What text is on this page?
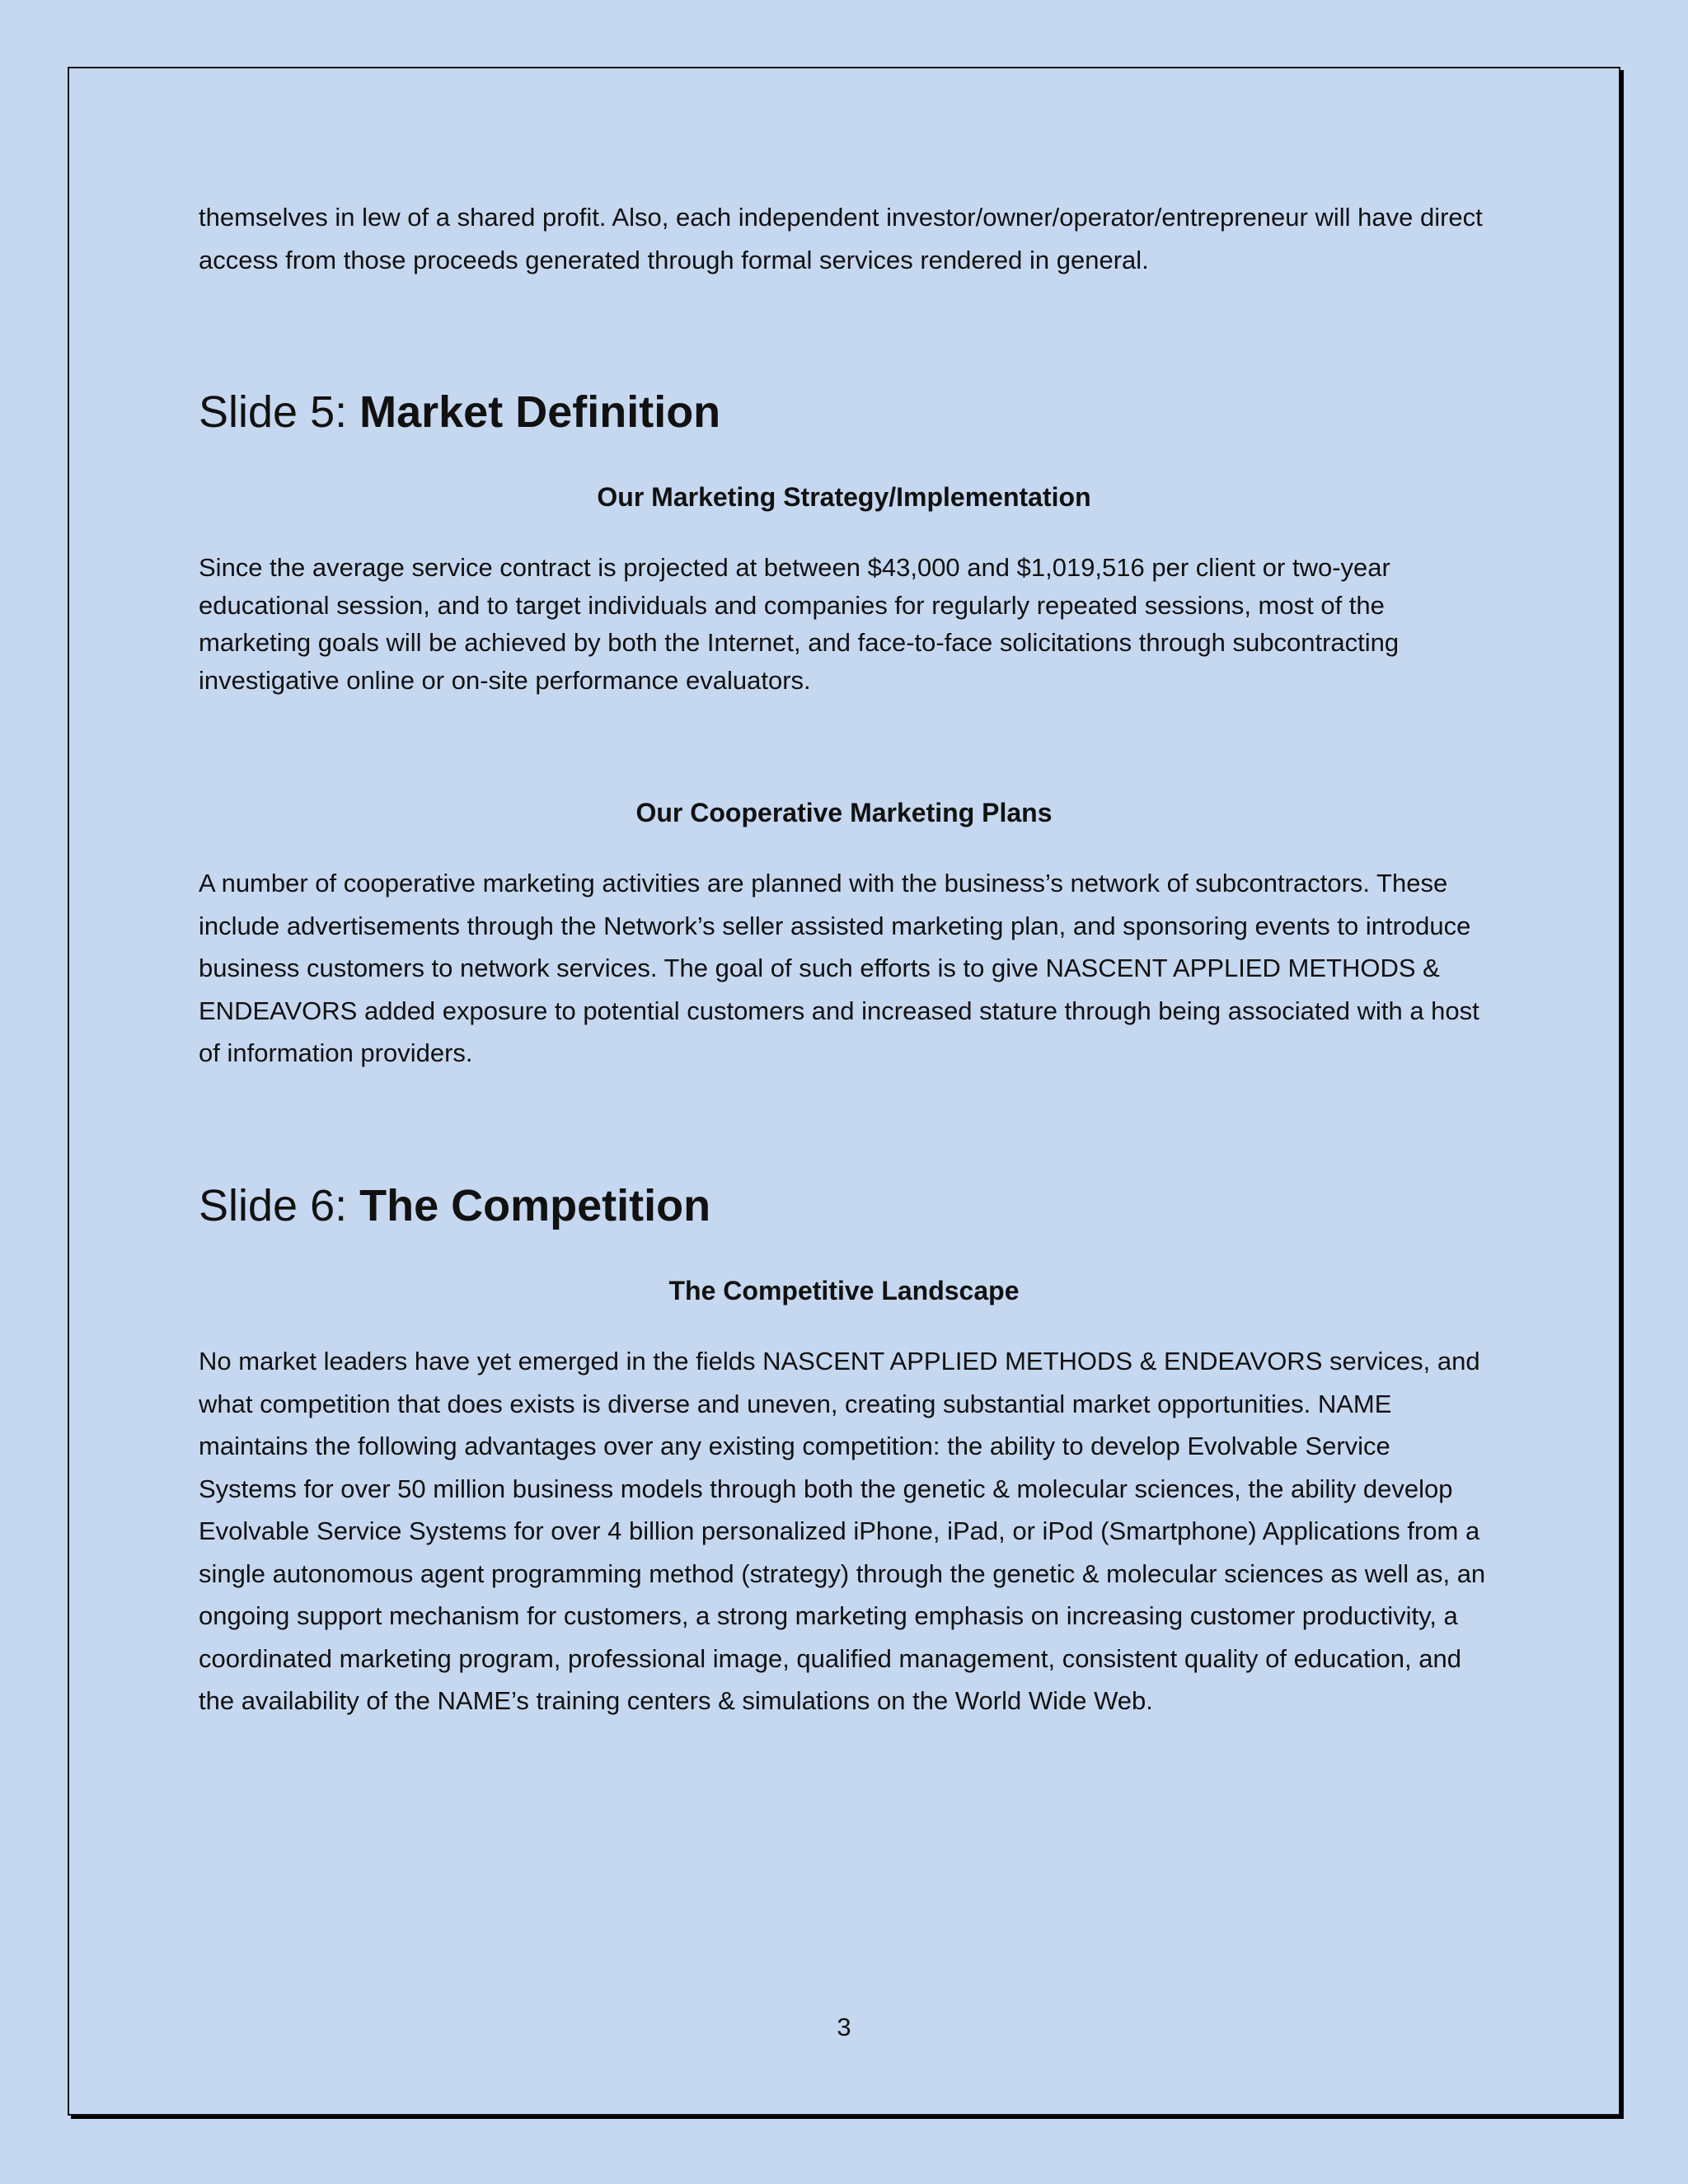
themselves in lew of a shared profit. Also, each independent investor/owner/operator/entrepreneur will have direct access from those proceeds generated through formal services rendered in general.

Slide 5: Market Definition
Our Marketing Strategy/Implementation

Since the average service contract is projected at between $43,000 and $1,019,516 per client or two-year educational session, and to target individuals and companies for regularly repeated sessions, most of the marketing goals will be achieved by both the Internet, and face-to-face solicitations through subcontracting investigative online or on-site performance evaluators.

Our Cooperative Marketing Plans

A number of cooperative marketing activities are planned with the business’s network of subcontractors. These include advertisements through the Network’s seller assisted marketing plan, and sponsoring events to introduce business customers to network services. The goal of such efforts is to give NASCENT APPLIED METHODS & ENDEAVORS added exposure to potential customers and increased stature through being associated with a host of information providers.

Slide 6: The Competition
The Competitive Landscape

No market leaders have yet emerged in the fields NASCENT APPLIED METHODS & ENDEAVORS services, and what competition that does exists is diverse and uneven, creating substantial market opportunities. NAME maintains the following advantages over any existing competition: the ability to develop Evolvable Service Systems for over 50 million business models through both the genetic & molecular sciences, the ability develop Evolvable Service Systems for over 4 billion personalized iPhone, iPad, or iPod (Smartphone) Applications from a single autonomous agent programming method (strategy) through the genetic & molecular sciences as well as, an ongoing support mechanism for customers, a strong marketing emphasis on increasing customer productivity, a coordinated marketing program, professional image, qualified management, consistent quality of education, and the availability of the NAME’s training centers & simulations on the World Wide Web.

3
